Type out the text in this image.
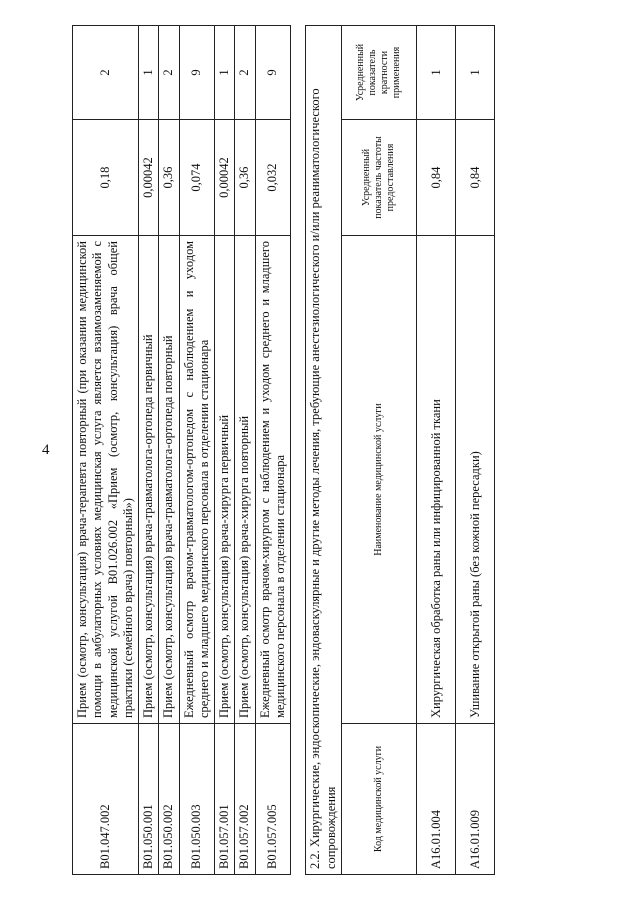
4
B01.047.002	Прием (осмотр, консультация) врача-терапевта повторный (при оказании медицинской помощи в амбулаторных условиях медицинская услуга является взаимозаменяемой с медицинской услугой B01.026.002 «Прием (осмотр, консультация) врача общей практики (семейного врача) повторный»)	0,18	2
B01.050.001	Прием (осмотр, консультация) врача-травматолога-ортопеда первичный	0,00042	1
B01.050.002	Прием (осмотр, консультация) врача-травматолога-ортопеда повторный	0,36	2
B01.050.003	Ежедневный осмотр врачом-травматологом-ортопедом с наблюдением и уходом среднего и младшего медицинского персонала в отделении стационара	0,074	9
B01.057.001	Прием (осмотр, консультация) врача-хирурга первичный	0,00042	1
B01.057.002	Прием (осмотр, консультация) врача-хирурга повторный	0,36	2
B01.057.005	Ежедневный осмотр врачом-хирургом с наблюдением и уходом среднего и младшего медицинского персонала в отделении стационара	0,032	9
2.2. Хирургические, эндоскопические, эндоваскулярные и другие методы лечения, требующие анестезиологического и/или реаниматологического сопровождения	Код медицинской услуги	Наименование медицинской услуги	Усредненный показатель частоты предоставления	Усредненный показатель кратности применения
A16.01.004	Хирургическая обработка раны или инфицированной ткани	0,84	1
A16.01.009	Ушивание открытой раны (без кожной пересадки)	0,84	1
